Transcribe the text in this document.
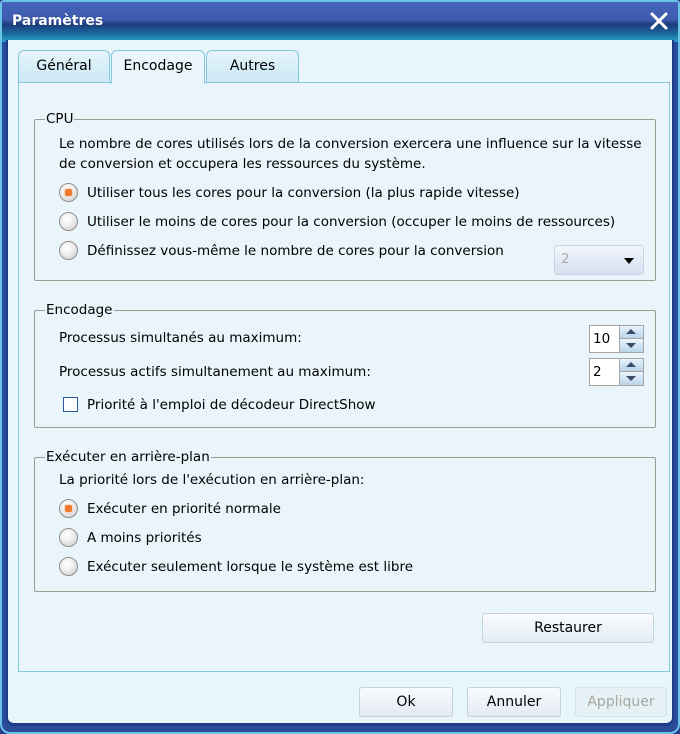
Paramètres
Général	Encodage	Autres
CPU
Le nombre de cores utilisés lors de la conversion exercera une influence sur la vitesse de conversion et occupera les ressources du système.
Utiliser tous les cores pour la conversion (la plus rapide vitesse)
Utiliser le moins de cores pour la conversion (occuper le moins de ressources)
Définissez vous-même le nombre de cores pour la conversion	2
Encodage
Processus simultanés au maximum:	10
Processus actifs simultanement au maximum:	2
Priorité à l'emploi de décodeur DirectShow
Exécuter en arrière-plan
La priorité lors de l'exécution en arrière-plan:
Exécuter en priorité normale
A moins priorités
Exécuter seulement lorsque le système est libre
Restaurer
Ok	Annuler	Appliquer
